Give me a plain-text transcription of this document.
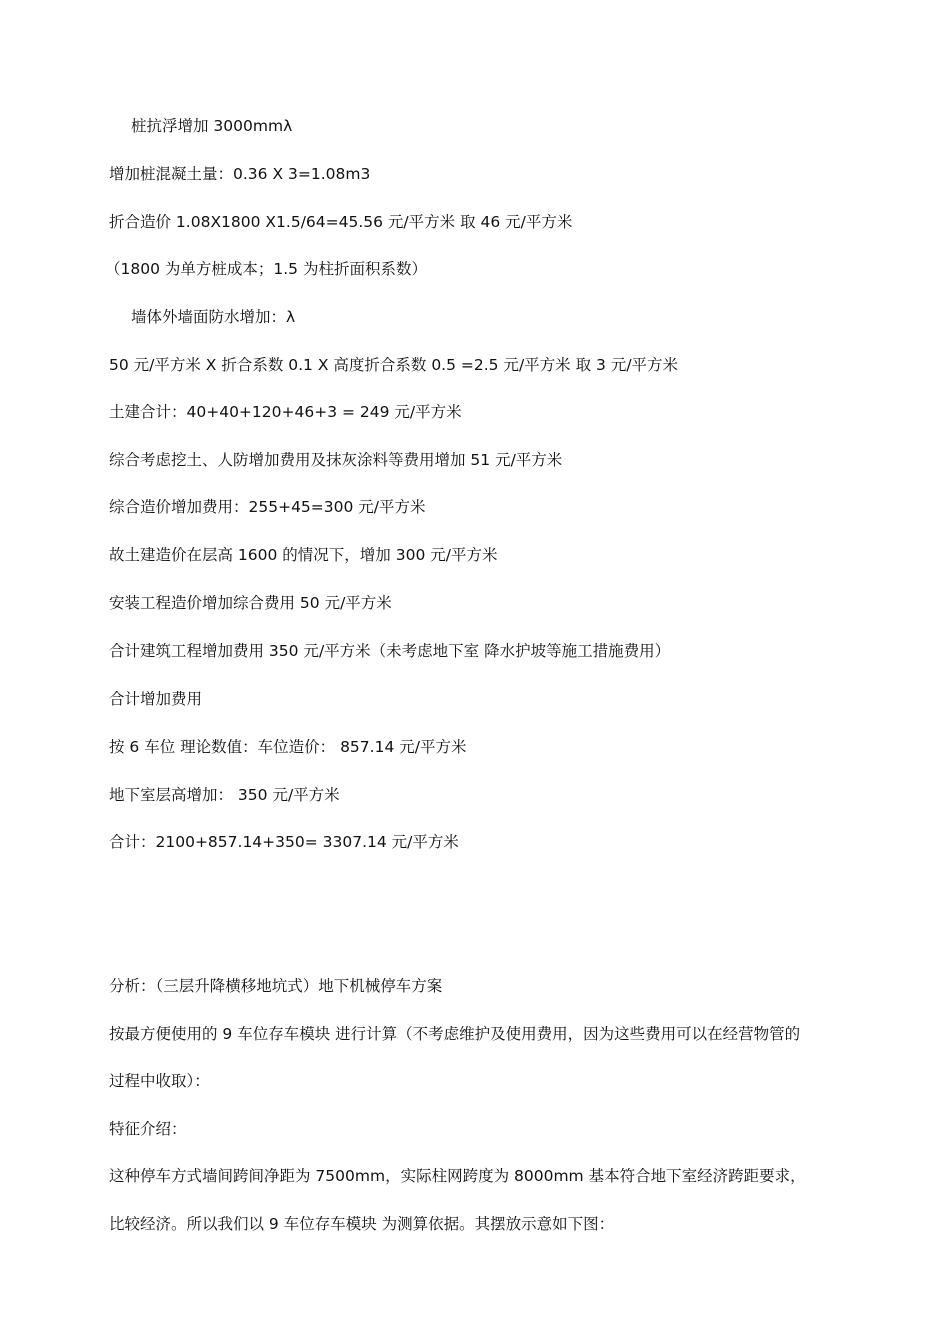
桩抗浮增加 3000mmλ
增加桩混凝土量：0.36 X 3=1.08m3
折合造价 1.08X1800 X1.5/64=45.56 元/平方米 取 46 元/平方米
（1800 为单方桩成本；1.5 为柱折面积系数）
墙体外墙面防水增加：λ
50 元/平方米 X 折合系数 0.1 X 高度折合系数 0.5 =2.5 元/平方米 取 3 元/平方米
土建合计：40+40+120+46+3 = 249 元/平方米
综合考虑挖土、人防增加费用及抹灰涂料等费用增加 51 元/平方米
综合造价增加费用：255+45=300 元/平方米
故土建造价在层高 1600 的情况下，增加 300 元/平方米
安装工程造价增加综合费用 50 元/平方米
合计建筑工程增加费用 350 元/平方米（未考虑地下室 降水护坡等施工措施费用）
合计增加费用
按 6 车位 理论数值：车位造价： 857.14 元/平方米
地下室层高增加： 350 元/平方米
合计：2100+857.14+350= 3307.14 元/平方米
分析：（三层升降横移地坑式）地下机械停车方案
按最方便使用的 9 车位存车模块 进行计算（不考虑维护及使用费用，因为这些费用可以在经营物管的
过程中收取）：
特征介绍：
这种停车方式墙间跨间净距为 7500mm，实际柱网跨度为 8000mm 基本符合地下室经济跨距要求，
比较经济。所以我们以 9 车位存车模块 为测算依据。其摆放示意如下图：
